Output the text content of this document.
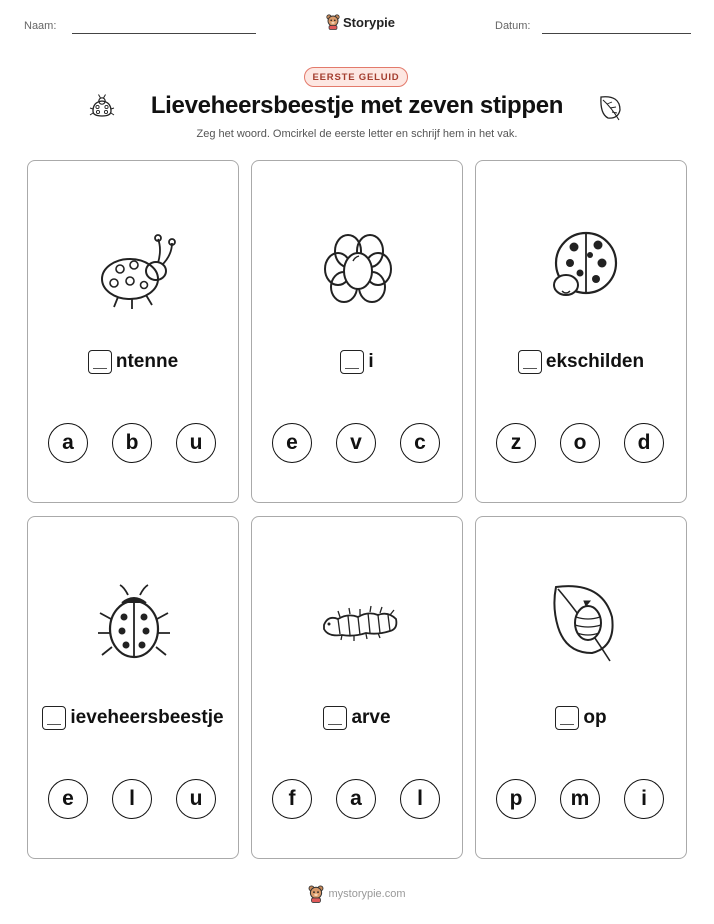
Naam:	Storypie	Datum:
EERSTE GELUID
Lieveheersbeestje met zeven stippen
Zeg het woord. Omcirkel de eerste letter en schrijf hem in het vak.
ntenne
a	b	u
i
e	v	c
ekschilden
z	o	d
ieveheersbeestje
e	l	u
arve
f	a	l
op
p	m	i
mystorypie.com
